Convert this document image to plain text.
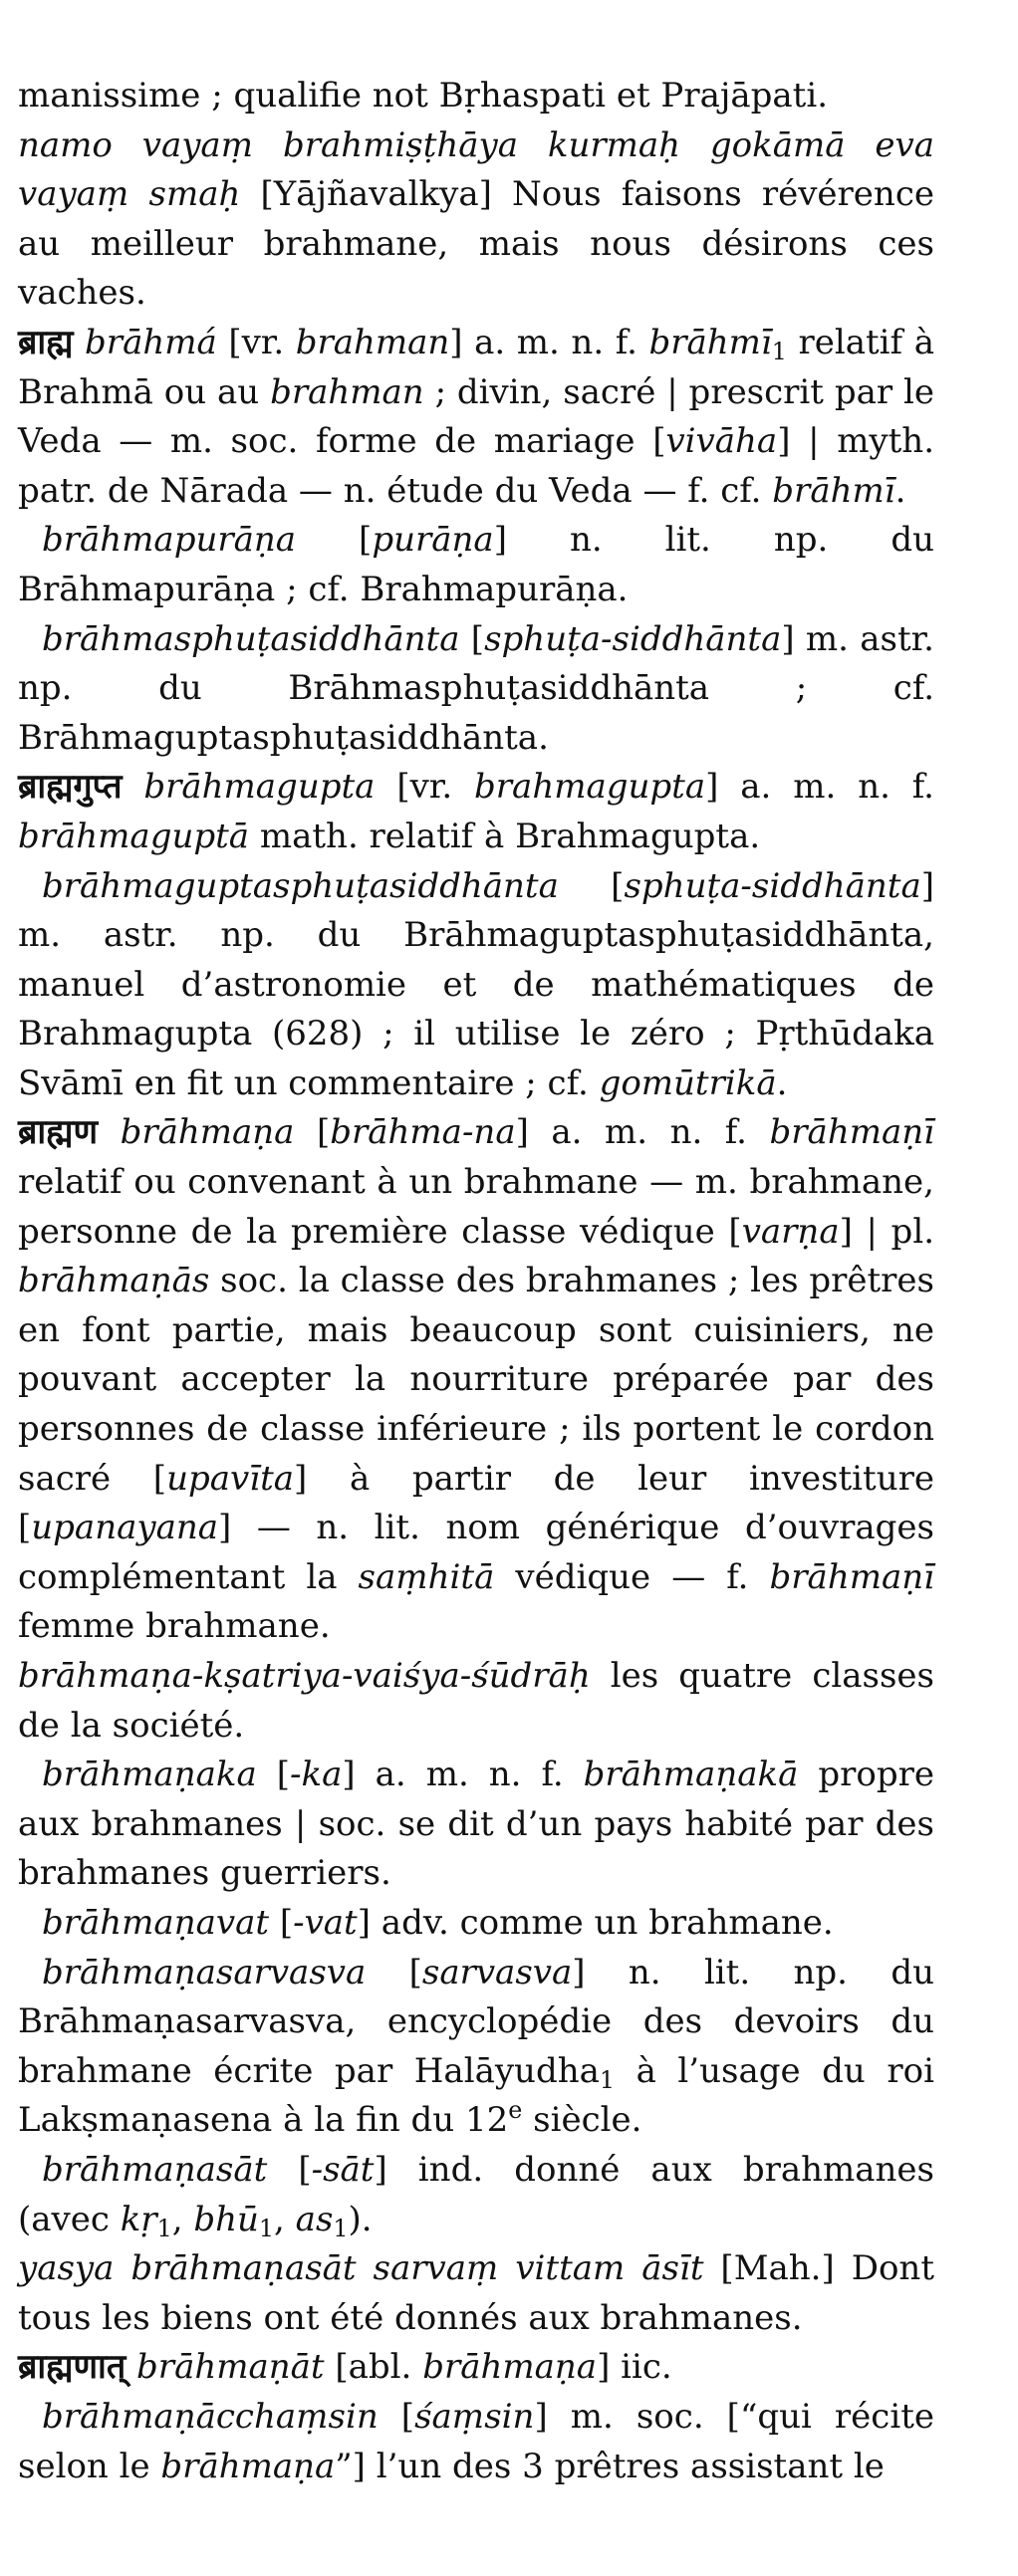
manissime ; qualifie not Bṛhaspati et Prajāpati.

namo vayaṃ brahmiṣṭhāya kurmaḥ gokāmā eva vayaṃ smaḥ [Yājñavalkya] Nous faisons révérence au meilleur brahmane, mais nous désirons ces vaches.

ब्राह्म brāhmá [vr. brahman] a. m. n. f. brāhmī$_1$ relatif à Brahmā ou au brahman ; divin, sacré | prescrit par le Veda — m. soc. forme de mariage [vivāha] | myth. patr. de Nārada — n. étude du Veda — f. cf. brāhmī.

brāhmapurāṇa [purāṇa] n. lit. np. du Brāhmapurāṇa ; cf. Brahmapurāṇa.

brāhmasphuṭasiddhānta [sphuṭa-siddhānta] m. astr. np. du Brāhmasphuṭasiddhānta ; cf. Brāhmaguptasphuṭasiddhānta.

ब्राह्मगुप्त brāhmagupta [vr. brahmagupta] a. m. n. f. brāhmaguptā math. relatif à Brahmagupta.

brāhmaguptasphuṭasiddhānta [sphuṭa-siddhānta] m. astr. np. du Brāhmaguptasphuṭasiddhānta, manuel d’astronomie et de mathématiques de Brahmagupta (628) ; il utilise le zéro ; Pṛthūdaka Svāmī en fit un commentaire ; cf. gomūtrikā.

ब्राह्मण brāhmaṇa [brāhma-na] a. m. n. f. brāhmaṇī relatif ou convenant à un brahmane — m. brahmane, personne de la première classe védique [varṇa] | pl. brāhmaṇās soc. la classe des brahmanes ; les prêtres en font partie, mais beaucoup sont cuisiniers, ne pouvant accepter la nourriture préparée par des personnes de classe inférieure ; ils portent le cordon sacré [upavīta] à partir de leur investiture [upanayana] — n. lit. nom générique d’ouvrages complémentant la saṃhitā védique — f. brāhmaṇī femme brahmane.

brāhmaṇa-kṣatriya-vaiśya-śūdrāḥ les quatre classes de la société.

brāhmaṇaka [-ka] a. m. n. f. brāhmaṇakā propre aux brahmanes | soc. se dit d’un pays habité par des brahmanes guerriers.

brāhmaṇavat [-vat] adv. comme un brahmane.

brāhmaṇasarvasva [sarvasva] n. lit. np. du Brāhmaṇasarvasva, encyclopédie des devoirs du brahmane écrite par Halāyudha$_1$ à l’usage du roi Lakṣmaṇasena à la fin du 12e siècle.

brāhmaṇasāt [-sāt] ind. donné aux brahmanes (avec kṛ$_1$, bhū$_1$, $as_1$).

yasya brāhmaṇasāt sarvaṃ vittam āsīt [Mah.] Dont tous les biens ont été donnés aux brahmanes.

ब्राह्मणात् brāhmaṇāt [abl. brāhmaṇa] iic.

brāhmaṇācchaṃsin [śaṃsin] m. soc. [“qui récite selon le brāhmaṇa”] l’un des 3 prêtres assistant le
